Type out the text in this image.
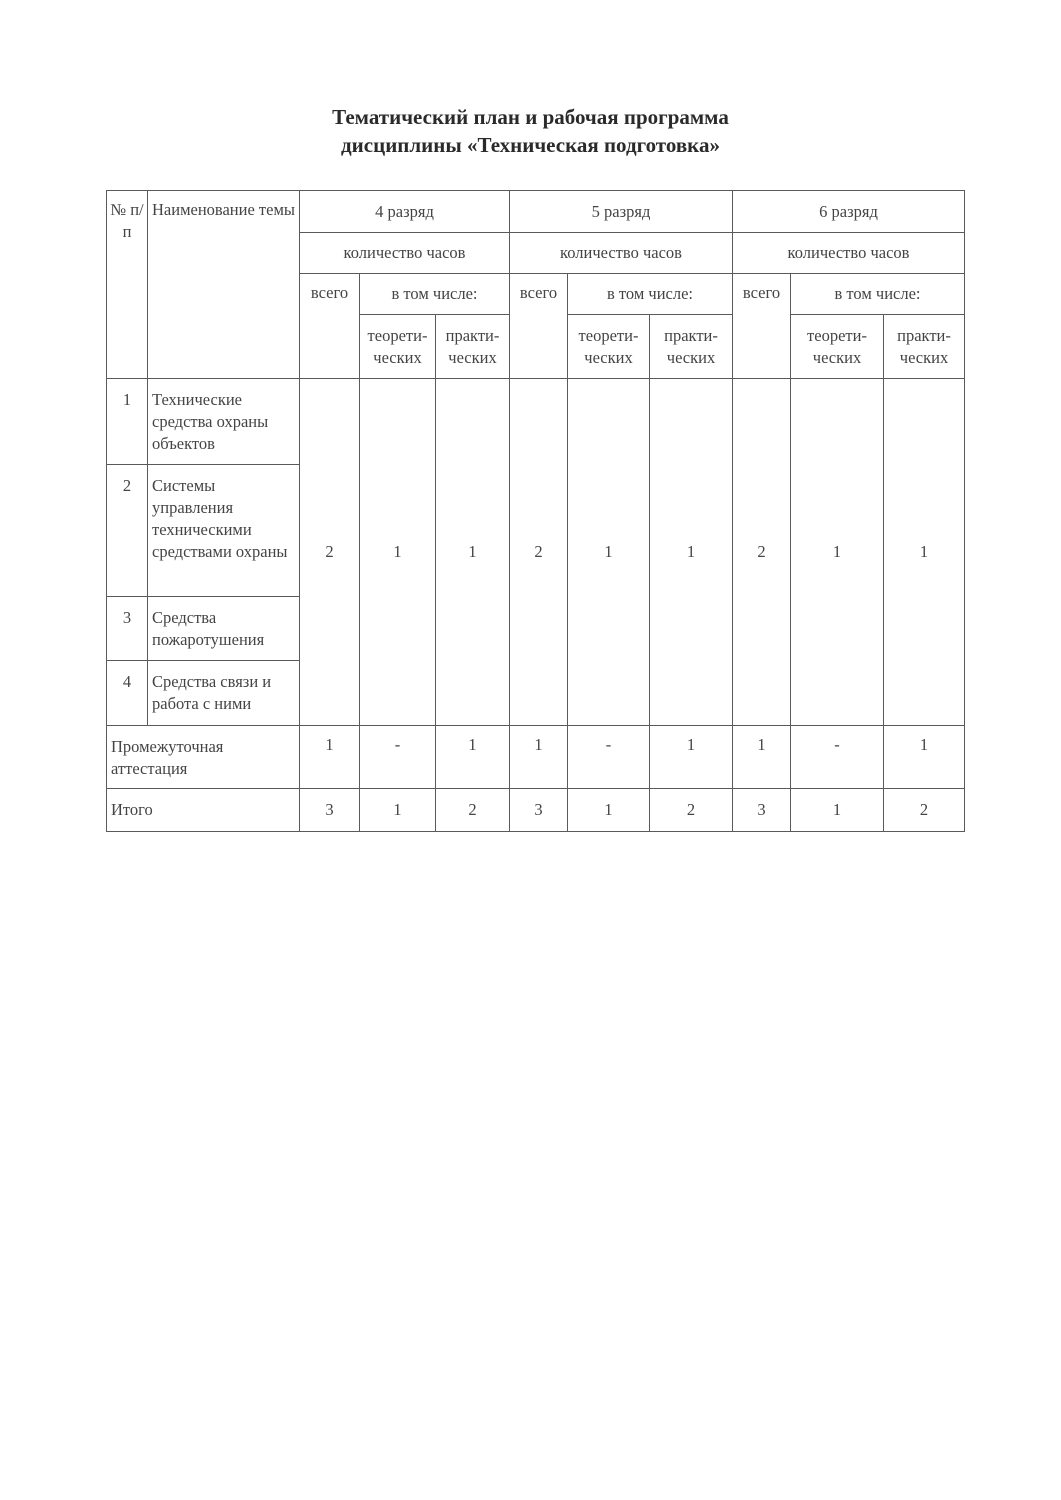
Тематический план и рабочая программа
дисциплины «Техническая подготовка»
№ п/п	Наименование темы	4 разряд			5 разряд			6 разряд		
		количество часов			количество часов			количество часов		
		всего	в том числе:		всего	в том числе:		всего	в том числе:	
			теорети-ческих	практи-ческих		теорети-ческих	практи-ческих		теорети-ческих	практи-ческих
1	Технические средства охраны объектов	2	1	1	2	1	1	2	1	1
2	Системы управления техническими средствами охраны									
3	Средства пожаротушения									
4	Средства связи и работа с ними									
Промежуточная аттестация		1	-	1	1	-	1	1	-	1
Итого		3	1	2	3	1	2	3	1	2
